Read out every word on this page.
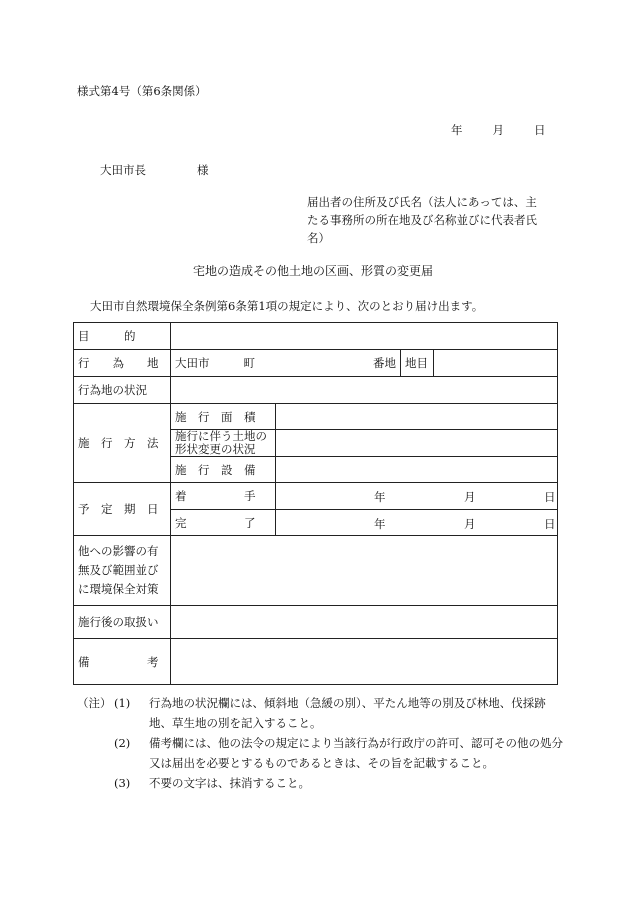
様式第4号（第6条関係）
年	月	日
大田市長	様
届出者の住所及び氏名（法人にあっては、主たる事務所の所在地及び名称並びに代表者氏名）
宅地の造成その他土地の区画、形質の変更届
大田市自然環境保全条例第6条第1項の規定により、次のとおり届け出ます。
目　　　的				
行　　為　　地	大田市 町 番地		地目	
行為地の状況				
施　行　方　法	施　行　面　積			
	施行に伴う土地の形状変更の状況			
	施　行　設　備			
予　定　期　日	着　　　　　手	年 月 日		

	完　　　　　了	年 月 日		

他への影響の有無及び範囲並びに環境保全対策				
施行後の取扱い				
備　　　　　考				
（注） (1) 行為地の状況欄には、傾斜地（急緩の別）、平たん地等の別及び林地、伐採跡地、草生地の別を記入すること。
(2) 備考欄には、他の法令の規定により当該行為が行政庁の許可、認可その他の処分又は届出を必要とするものであるときは、その旨を記載すること。
(3) 不要の文字は、抹消すること。
